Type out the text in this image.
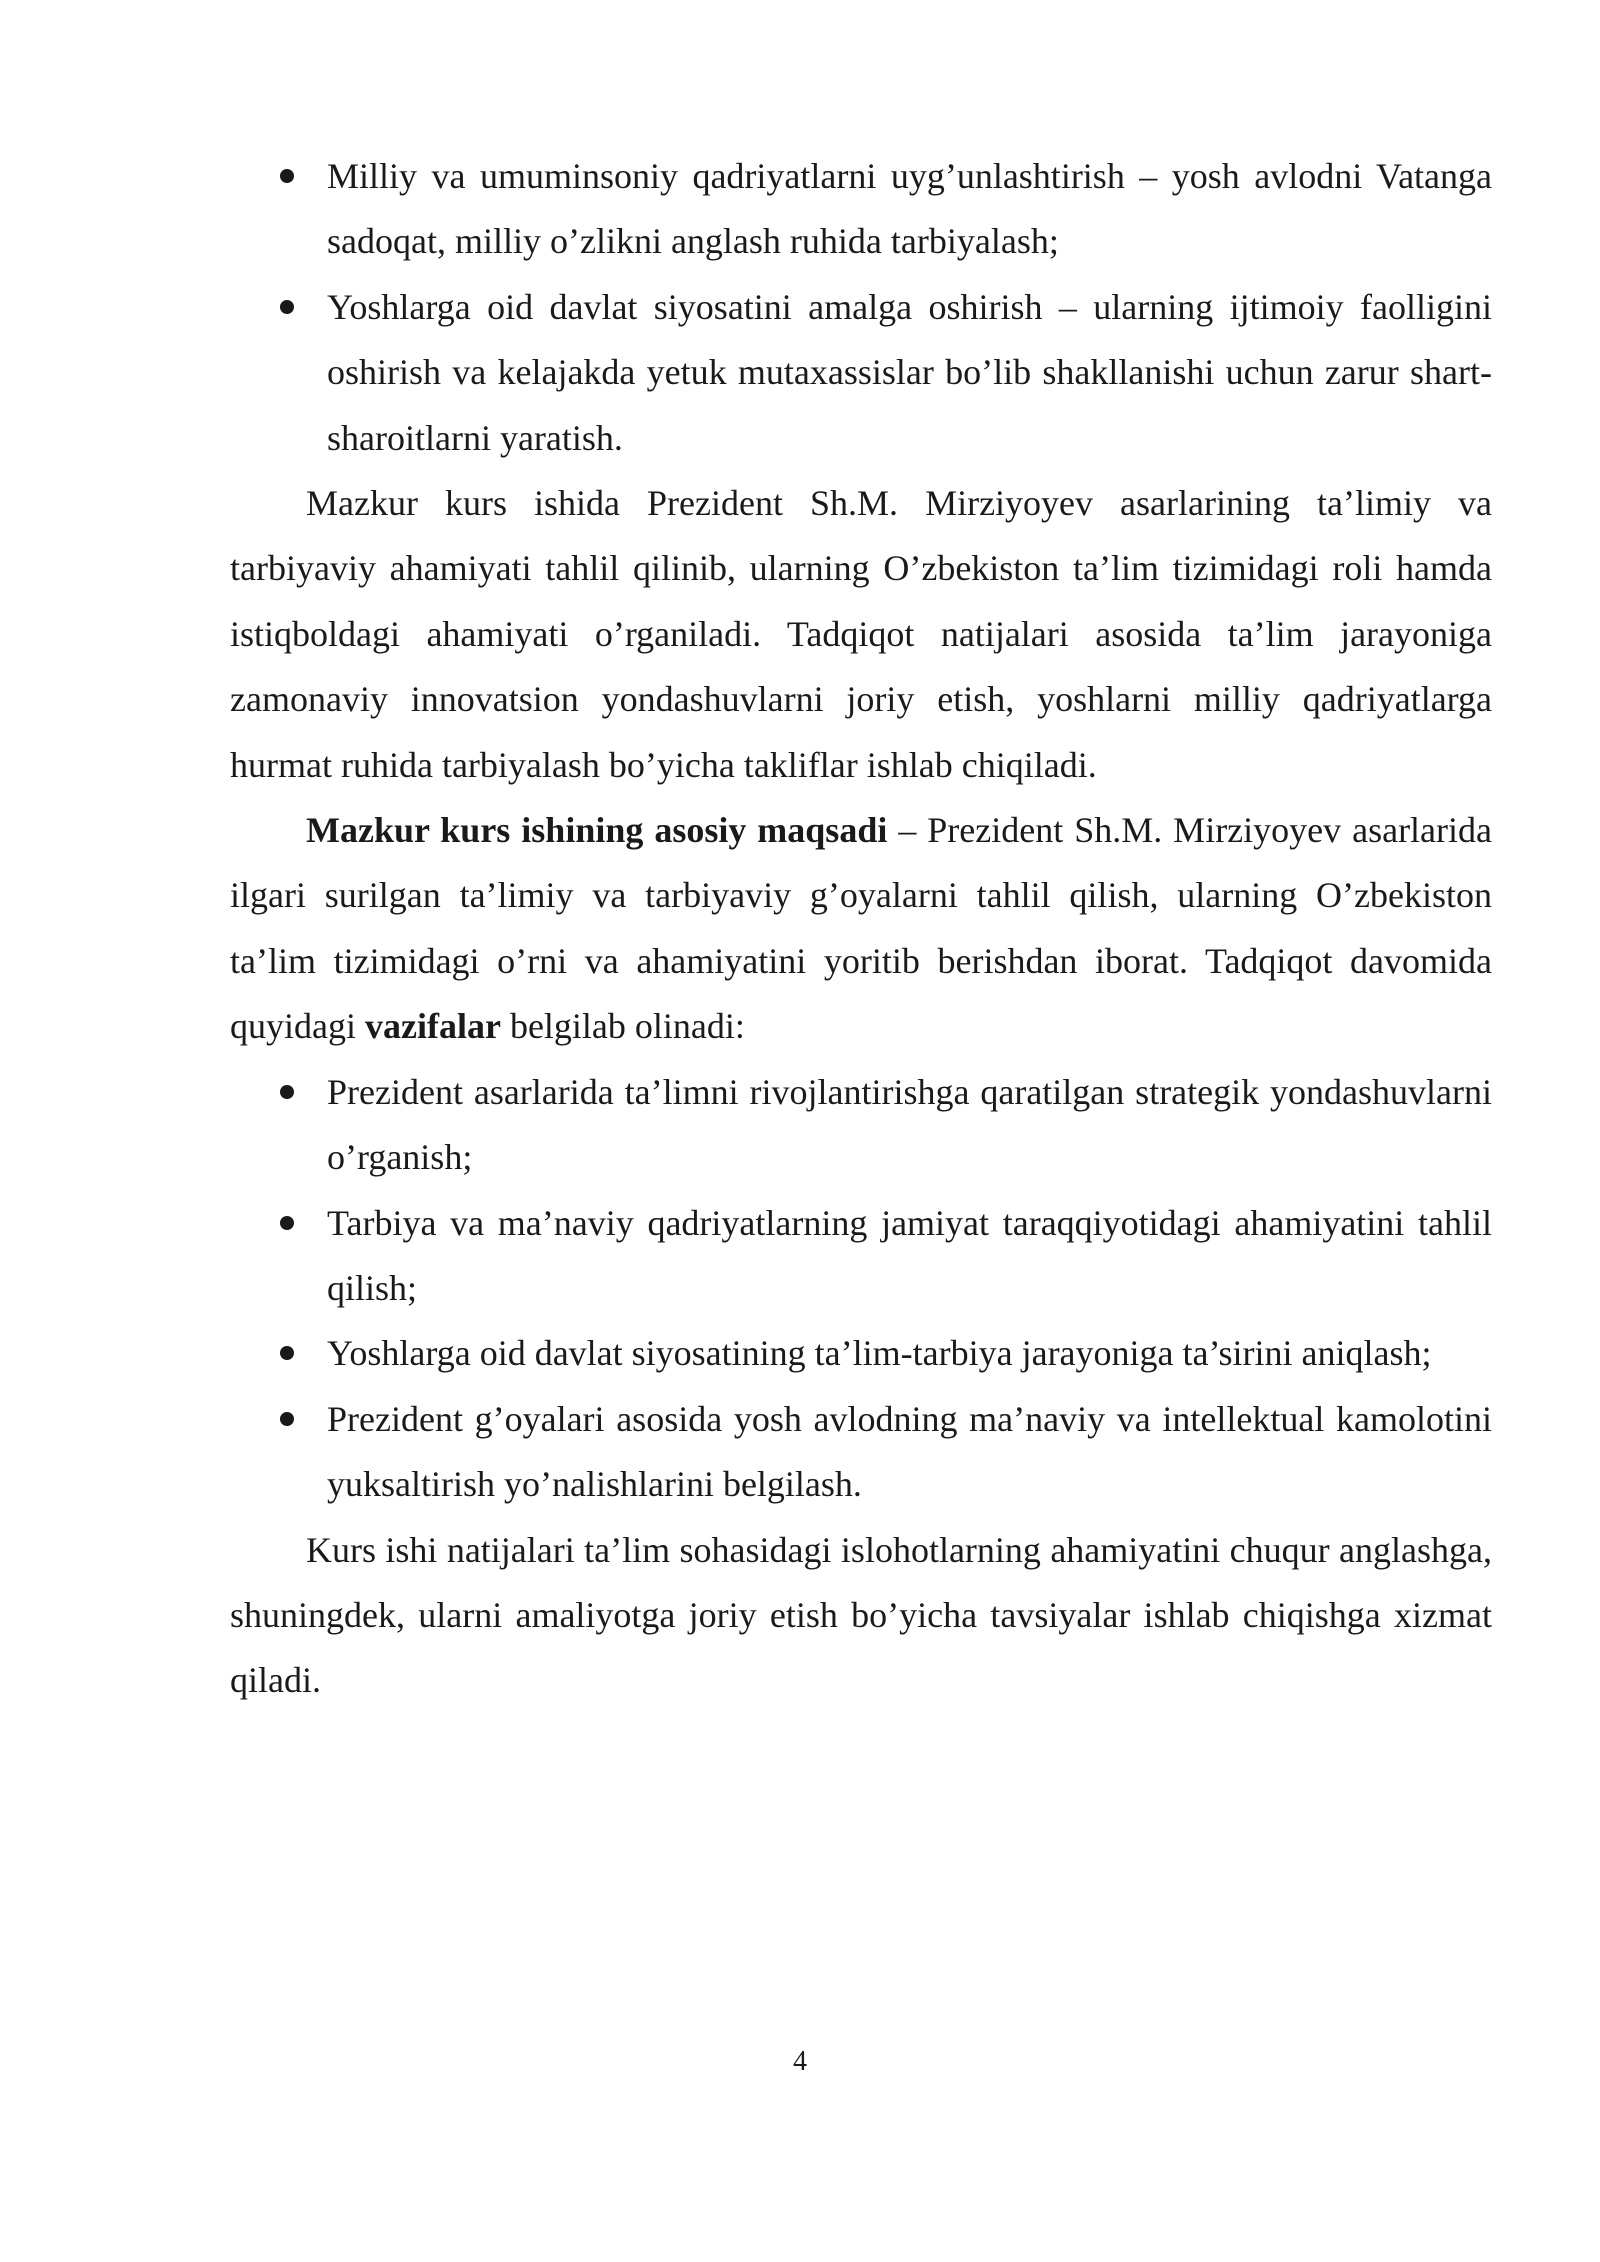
Milliy va umuminsoniy qadriyatlarni uyg’unlashtirish – yosh avlodni Vatanga sadoqat, milliy o’zlikni anglash ruhida tarbiyalash;
Yoshlarga oid davlat siyosatini amalga oshirish – ularning ijtimoiy faolligini oshirish va kelajakda yetuk mutaxassislar bo’lib shakllanishi uchun zarur shart-sharoitlarni yaratish.

Mazkur kurs ishida Prezident Sh.M. Mirziyoyev asarlarining ta’limiy va tarbiyaviy ahamiyati tahlil qilinib, ularning O’zbekiston ta’lim tizimidagi roli hamda istiqboldagi ahamiyati o’rganiladi. Tadqiqot natijalari asosida ta’lim jarayoniga zamonaviy innovatsion yondashuvlarni joriy etish, yoshlarni milliy qadriyatlarga hurmat ruhida tarbiyalash bo’yicha takliflar ishlab chiqiladi.

Mazkur kurs ishining asosiy maqsadi – Prezident Sh.M. Mirziyoyev asarlarida ilgari surilgan ta’limiy va tarbiyaviy g’oyalarni tahlil qilish, ularning O’zbekiston ta’lim tizimidagi o’rni va ahamiyatini yoritib berishdan iborat. Tadqiqot davomida quyidagi vazifalar belgilab olinadi:

Prezident asarlarida ta’limni rivojlantirishga qaratilgan strategik yondashuvlarni o’rganish;
Tarbiya va ma’naviy qadriyatlarning jamiyat taraqqiyotidagi ahamiyatini tahlil qilish;
Yoshlarga oid davlat siyosatining ta’lim-tarbiya jarayoniga ta’sirini aniqlash;
Prezident g’oyalari asosida yosh avlodning ma’naviy va intellektual kamolotini yuksaltirish yo’nalishlarini belgilash.

Kurs ishi natijalari ta’lim sohasidagi islohotlarning ahamiyatini chuqur anglashga, shuningdek, ularni amaliyotga joriy etish bo’yicha tavsiyalar ishlab chiqishga xizmat qiladi.

4
